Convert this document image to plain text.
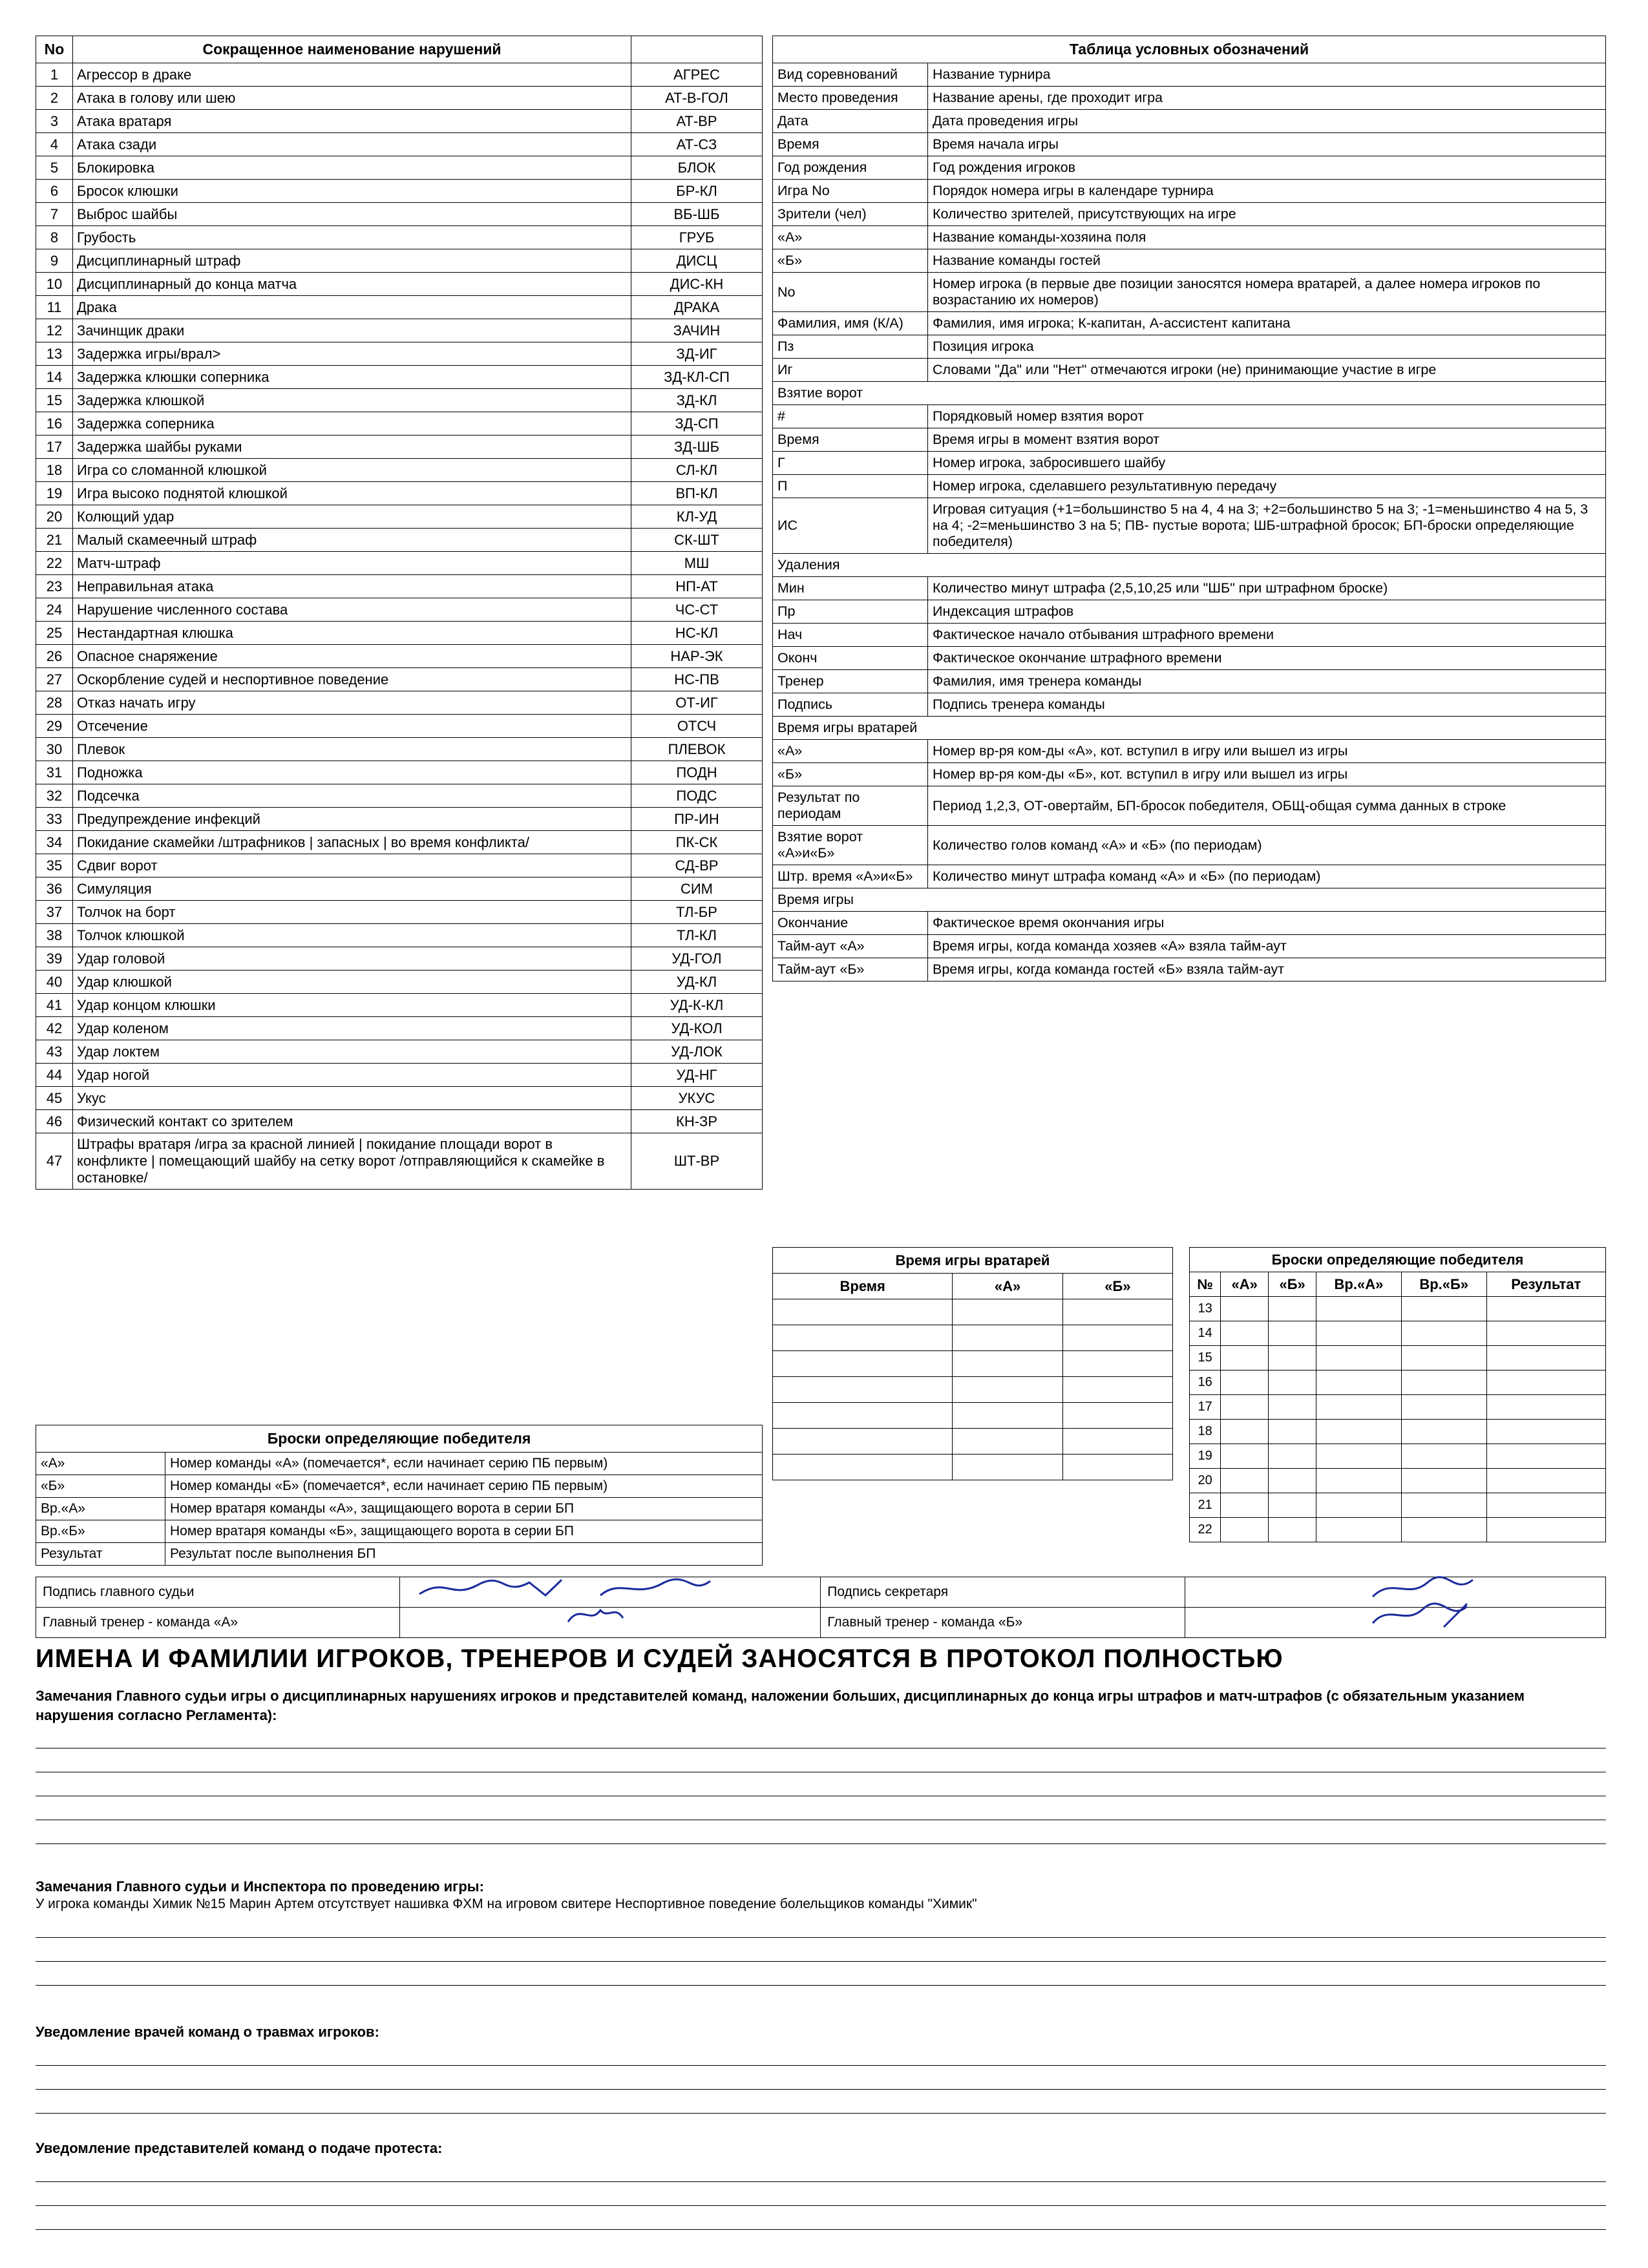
No	Сокращенное наименование нарушений	
1	Агрессор в драке	АГРЕС
2	Атака в голову или шею	АТ-В-ГОЛ
3	Атака вратаря	АТ-ВР
4	Атака сзади	АТ-СЗ
5	Блокировка	БЛОК
6	Бросок клюшки	БР-КЛ
7	Выброс шайбы	ВБ-ШБ
8	Грубость	ГРУБ
9	Дисциплинарный штраф	ДИСЦ
10	Дисциплинарный до конца матча	ДИС-КН
11	Драка	ДРАКА
12	Зачинщик драки	ЗАЧИН
13	Задержка игры/врал>	ЗД-ИГ
14	Задержка клюшки соперника	ЗД-КЛ-СП
15	Задержка клюшкой	ЗД-КЛ
16	Задержка соперника	ЗД-СП
17	Задержка шайбы руками	ЗД-ШБ
18	Игра со сломанной клюшкой	СЛ-КЛ
19	Игра высоко поднятой клюшкой	ВП-КЛ
20	Колющий удар	КЛ-УД
21	Малый скамеечный штраф	СК-ШТ
22	Матч-штраф	МШ
23	Неправильная атака	НП-АТ
24	Нарушение численного состава	ЧС-СТ
25	Нестандартная клюшка	НС-КЛ
26	Опасное снаряжение	НАР-ЭК
27	Оскорбление судей и неспортивное поведение	НС-ПВ
28	Отказ начать игру	ОТ-ИГ
29	Отсечение	ОТСЧ
30	Плевок	ПЛЕВОК
31	Подножка	ПОДН
32	Подсечка	ПОДС
33	Предупреждение инфекций	ПР-ИН
34	Покидание скамейки /штрафников | запасных | во время конфликта/	ПК-СК
35	Сдвиг ворот	СД-ВР
36	Симуляция	СИМ
37	Толчок на борт	ТЛ-БР
38	Толчок клюшкой	ТЛ-КЛ
39	Удар головой	УД-ГОЛ
40	Удар клюшкой	УД-КЛ
41	Удар концом клюшки	УД-К-КЛ
42	Удар коленом	УД-КОЛ
43	Удар локтем	УД-ЛОК
44	Удар ногой	УД-НГ
45	Укус	УКУС
46	Физический контакт со зрителем	КН-ЗР
47	Штрафы вратаря /игра за красной линией | покидание площади ворот в конфликте | помещающий шайбу на сетку ворот /отправляющийся к скамейке в остановке/	ШТ-ВР
Таблица условных обозначений	
Вид соревнований	Название турнира
Место проведения	Название арены, где проходит игра
Дата	Дата проведения игры
Время	Время начала игры
Год рождения	Год рождения игроков
Игра No	Порядок номера игры в календаре турнира
Зрители (чел)	Количество зрителей, присутствующих на игре
«А»	Название команды-хозяина поля
«Б»	Название команды гостей
No	Номер игрока (в первые две позиции заносятся номера вратарей, а далее номера игроков по возрастанию их номеров)
Фамилия, имя (К/А)	Фамилия, имя игрока; К-капитан, А-ассистент капитана
Пз	Позиция игрока
Иг	Словами "Да" или "Нет" отмечаются игроки (не) принимающие участие в игре
Взятие ворот	
#	Порядковый номер взятия ворот
Время	Время игры в момент взятия ворот
Г	Номер игрока, забросившего шайбу
П	Номер игрока, сделавшего результативную передачу
ИС	Игровая ситуация (+1=большинство 5 на 4, 4 на 3; +2=большинство 5 на 3; -1=меньшинство 4 на 5, 3 на 4; -2=меньшинство 3 на 5; ПВ- пустые ворота; ШБ-штрафной бросок; БП-броски определяющие победителя)
Удаления	
Мин	Количество минут штрафа (2,5,10,25 или "ШБ" при штрафном броске)
Пр	Индексация штрафов
Нач	Фактическое начало отбывания штрафного времени
Оконч	Фактическое окончание штрафного времени
Тренер	Фамилия, имя тренера команды
Подпись	Подпись тренера команды
Время игры вратарей	
«А»	Номер вр-ря ком-ды «А», кот. вступил в игру или вышел из игры
«Б»	Номер вр-ря ком-ды «Б», кот. вступил в игру или вышел из игры
Результат по периодам	Период 1,2,3, ОТ-овертайм, БП-бросок победителя, ОБЩ-общая сумма данных в строке
Взятие ворот «А»и«Б»	Количество голов команд «А» и «Б» (по периодам)
Штр. время «А»и«Б»	Количество минут штрафа команд «А» и «Б» (по периодам)
Время игры	
Окончание	Фактическое время окончания игры
Тайм-аут «А»	Время игры, когда команда хозяев «А» взяла тайм-аут
Тайм-аут «Б»	Время игры, когда команда гостей «Б» взяла тайм-аут
Время игры вратарей		
Время	«А»	«Б»

Броски определяющие победителя					
№	«А»	«Б»	Вр.«А»	Вр.«Б»	Результат
13					
14					
15					
16					
17					
18					
19					
20					
21					
22					
Броски определяющие победителя	
«А»	Номер команды «А» (помечается*, если начинает серию ПБ первым)
«Б»	Номер команды «Б» (помечается*, если начинает серию ПБ первым)
Вр.«А»	Номер вратаря команды «А», защищающего ворота в серии БП
Вр.«Б»	Номер вратаря команды «Б», защищающего ворота в серии БП
Результат	Результат после выполнения БП
Подпись главного судьи		Подпись секретаря	

Главный тренер - команда «А»		Главный тренер - команда «Б»	
ИМЕНА И ФАМИЛИИ ИГРОКОВ, ТРЕНЕРОВ И СУДЕЙ ЗАНОСЯТСЯ В ПРОТОКОЛ ПОЛНОСТЬЮ
Замечания Главного судьи игры о дисциплинарных нарушениях игроков и представителей команд, наложении больших, дисциплинарных до конца игры штрафов и матч-штрафов (с обязательным указанием нарушения согласно Регламента):
Замечания Главного судьи и Инспектора по проведению игры:
У игрока команды Химик №15 Марин Артем отсутствует нашивка ФХМ на игровом свитере Неспортивное поведение болельщиков команды "Химик"
Уведомление врачей команд о травмах игроков:
Уведомление представителей команд о подаче протеста:
